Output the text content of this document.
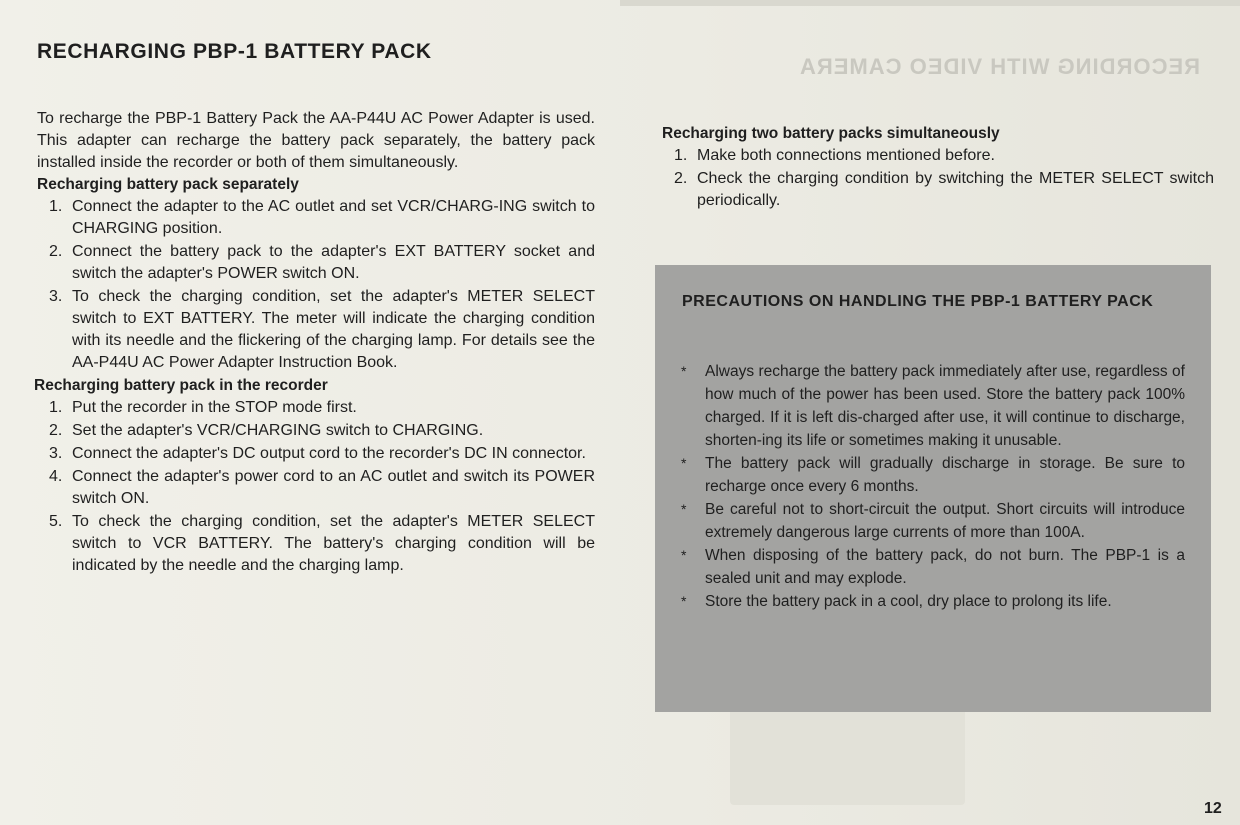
RECORDING WITH VIDEO CAMERA
RECHARGING PBP-1 BATTERY PACK

To recharge the PBP-1 Battery Pack the AA-P44U AC Power Adapter is used. This adapter can recharge the battery pack separately, the battery pack installed inside the recorder or both of them simultaneously.

Recharging battery pack separately
1. Connect the adapter to the AC outlet and set VCR/CHARG-ING switch to CHARGING position.
2. Connect the battery pack to the adapter's EXT BATTERY socket and switch the adapter's POWER switch ON.
3. To check the charging condition, set the adapter's METER SELECT switch to EXT BATTERY. The meter will indicate the charging condition with its needle and the flickering of the charging lamp. For details see the AA-P44U AC Power Adapter Instruction Book.
Recharging battery pack in the recorder
1. Put the recorder in the STOP mode first.
2. Set the adapter's VCR/CHARGING switch to CHARGING.
3. Connect the adapter's DC output cord to the recorder's DC IN connector.
4. Connect the adapter's power cord to an AC outlet and switch its POWER switch ON.
5. To check the charging condition, set the adapter's METER SELECT switch to VCR BATTERY. The battery's charging condition will be indicated by the needle and the charging lamp.
Recharging two battery packs simultaneously
1. Make both connections mentioned before.
2. Check the charging condition by switching the METER SELECT switch periodically.
PRECAUTIONS ON HANDLING THE PBP-1 BATTERY PACK
* Always recharge the battery pack immediately after use, regardless of how much of the power has been used. Store the battery pack 100% charged. If it is left dis-charged after use, it will continue to discharge, shorten-ing its life or sometimes making it unusable.
* The battery pack will gradually discharge in storage. Be sure to recharge once every 6 months.
* Be careful not to short-circuit the output. Short circuits will introduce extremely dangerous large currents of more than 100A.
* When disposing of the battery pack, do not burn. The PBP-1 is a sealed unit and may explode.
* Store the battery pack in a cool, dry place to prolong its life.
12
